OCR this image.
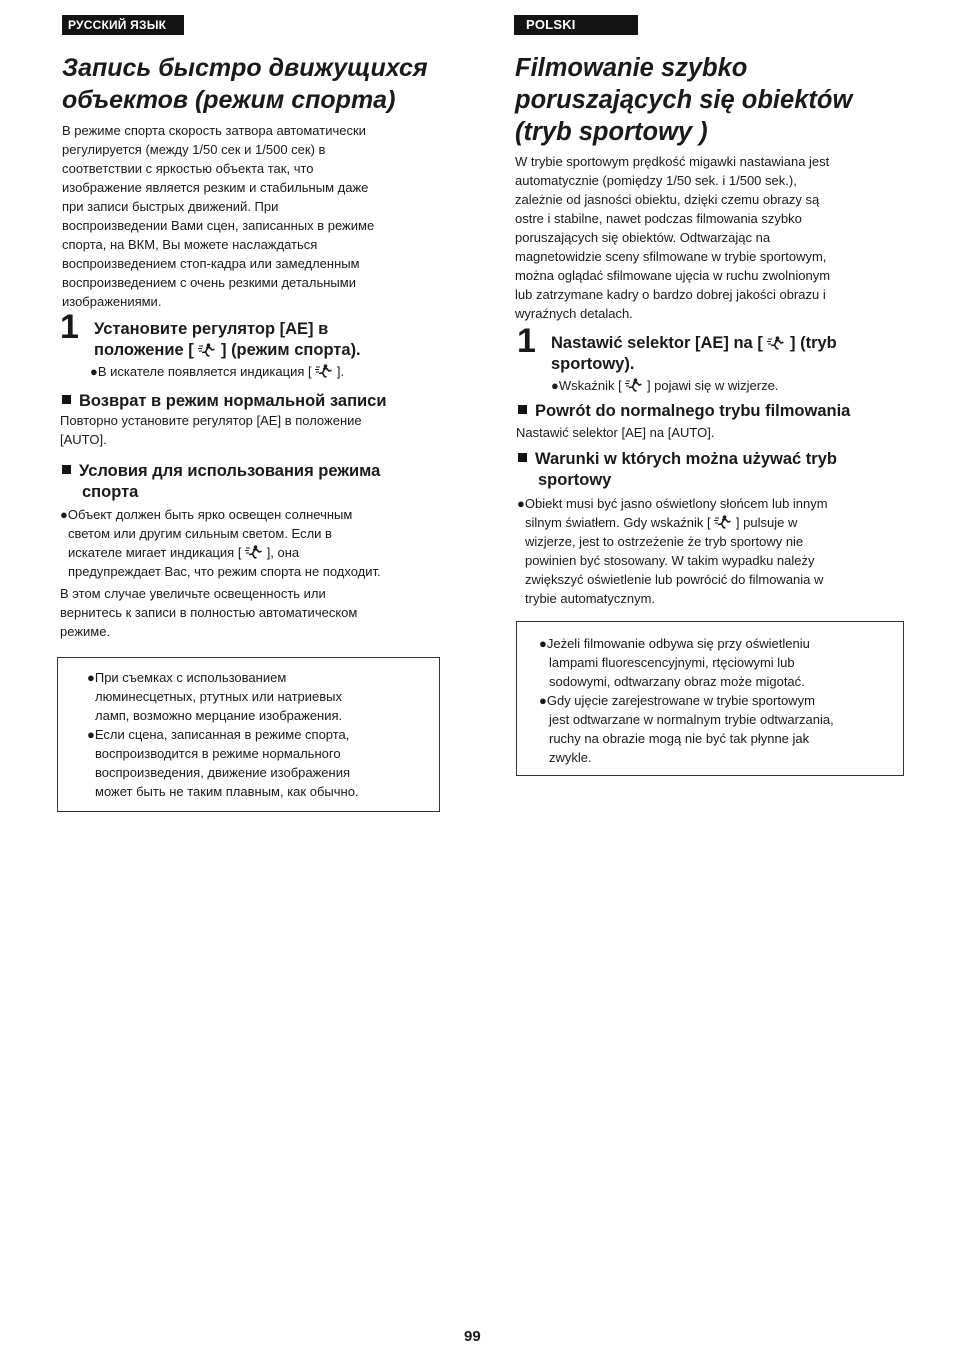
РУССКИЙ ЯЗЫК
Запись быстро движущихся
объектов (режим спорта)
В режиме спорта скорость затвора автоматически
регулируется (между 1/50 сек и 1/500 сек) в
соответствии с яркостью объекта так, что
изображение является резким и стабильным даже
при записи быстрых движений. При
воспроизведении Вами сцен, записанных в режиме
спорта, на ВКМ, Вы можете наслаждаться
воспроизведением стоп-кадра или замедленным
воспроизведением с очень резкими детальными
изображениями.
1 Установите регулятор [AE] в
положение [ ] (режим спорта).

●В искателе появляется индикация [ ].

Возврат в режим нормальной записи
Повторно установите регулятор [AE] в положение
[AUTO].
Условия для использования режима
спорта
●Объект должен быть ярко освещен солнечным
светом или другим сильным светом. Если в
искателе мигает индикация [ ], она
предупреждает Вас, что режим спорта не подходит.
В этом случае увеличьте освещенность или
вернитесь к записи в полностью автоматическом
режиме.
●При съемках с использованием
люминесцетных, ртутных или натриевых
ламп, возможно мерцание изображения.
●Если сцена, записанная в режиме спорта,
воспроизводится в режиме нормального
воспроизведения, движение изображения
может быть не таким плавным, как обычно.
POLSKI
Filmowanie szybko
poruszających się obiektów
(tryb sportowy )
W trybie sportowym prędkość migawki nastawiana jest
automatycznie (pomiędzy 1/50 sek. i 1/500 sek.),
zależnie od jasności obiektu, dzięki czemu obrazy są
ostre i stabilne, nawet podczas filmowania szybko
poruszających się obiektów. Odtwarzając na
magnetowidzie sceny sfilmowane w trybie sportowym,
można oglądać sfilmowane ujęcia w ruchu zwolnionym
lub zatrzymane kadry o bardzo dobrej jakości obrazu i
wyraźnych detalach.
1 Nastawić selektor [AE] na [ ] (tryb
sportowy).

●Wskaźnik [ ] pojawi się w wizjerze.

Powrót do normalnego trybu filmowania
Nastawić selektor [AE] na [AUTO].
Warunki w których można używać tryb
sportowy
●Obiekt musi być jasno oświetlony słońcem lub innym
silnym światłem. Gdy wskaźnik [ ] pulsuje w
wizjerze, jest to ostrzeżenie że tryb sportowy nie
powinien być stosowany. W takim wypadku należy
zwiększyć oświetlenie lub powrócić do filmowania w
trybie automatycznym.
●Jeżeli filmowanie odbywa się przy oświetleniu
lampami fluorescencyjnymi, rtęciowymi lub
sodowymi, odtwarzany obraz może migotać.
●Gdy ujęcie zarejestrowane w trybie sportowym
jest odtwarzane w normalnym trybie odtwarzania,
ruchy na obrazie mogą nie być tak płynne jak
zwykle.
99
